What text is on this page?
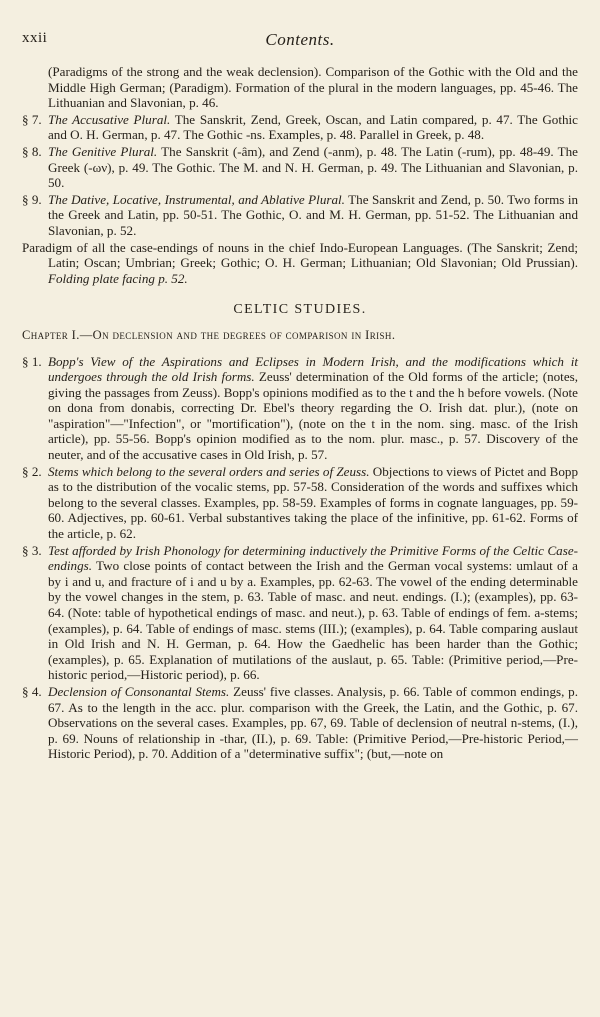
xxii	Contents.
(Paradigms of the strong and the weak declension). Comparison of the Gothic with the Old and the Middle High German; (Paradigm). Formation of the plural in the modern languages, pp. 45-46. The Lithuanian and Slavonian, p. 46.
§ 7. The Accusative Plural. The Sanskrit, Zend, Greek, Oscan, and Latin compared, p. 47. The Gothic and O. H. German, p. 47. The Gothic -ns. Examples, p. 48. Parallel in Greek, p. 48.
§ 8. The Genitive Plural. The Sanskrit (-âm), and Zend (-anm), p. 48. The Latin (-rum), pp. 48-49. The Greek (-ων), p. 49. The Gothic. The M. and N. H. German, p. 49. The Lithuanian and Slavonian, p. 50.
§ 9. The Dative, Locative, Instrumental, and Ablative Plural. The Sanskrit and Zend, p. 50. Two forms in the Greek and Latin, pp. 50-51. The Gothic, O. and M. H. German, pp. 51-52. The Lithuanian and Slavonian, p. 52.
Paradigm of all the case-endings of nouns in the chief Indo-European Languages. (The Sanskrit; Zend; Latin; Oscan; Umbrian; Greek; Gothic; O. H. German; Lithuanian; Old Slavonian; Old Prussian). Folding plate facing p. 52.
CELTIC STUDIES.
Chapter I.—On declension and the degrees of comparison in Irish.
§ 1. Bopp's View of the Aspirations and Eclipses in Modern Irish, and the modifications which it undergoes through the old Irish forms. Zeuss' determination of the Old forms of the article; (notes, giving the passages from Zeuss). Bopp's opinions modified as to the t and the h before vowels. (Note on dona from donabis, correcting Dr. Ebel's theory regarding the O. Irish dat. plur.), (note on "aspiration"—"Infection", or "mortification"), (note on the t in the nom. sing. masc. of the Irish article), pp. 55-56. Bopp's opinion modified as to the nom. plur. masc., p. 57. Discovery of the neuter, and of the accusative cases in Old Irish, p. 57.
§ 2. Stems which belong to the several orders and series of Zeuss. Objections to views of Pictet and Bopp as to the distribution of the vocalic stems, pp. 57-58. Consideration of the words and suffixes which belong to the several classes. Examples, pp. 58-59. Examples of forms in cognate languages, pp. 59-60. Adjectives, pp. 60-61. Verbal substantives taking the place of the infinitive, pp. 61-62. Forms of the article, p. 62.
§ 3. Test afforded by Irish Phonology for determining inductively the Primitive Forms of the Celtic Case-endings. Two close points of contact between the Irish and the German vocal systems: umlaut of a by i and u, and fracture of i and u by a. Examples, pp. 62-63. The vowel of the ending determinable by the vowel changes in the stem, p. 63. Table of masc. and neut. endings. (I.); (examples), pp. 63-64. (Note: table of hypothetical endings of masc. and neut.), p. 63. Table of endings of fem. a-stems; (examples), p. 64. Table of endings of masc. stems (III.); (examples), p. 64. Table comparing auslaut in Old Irish and N. H. German, p. 64. How the Gaedhelic has been harder than the Gothic; (examples), p. 65. Explanation of mutilations of the auslaut, p. 65. Table: (Primitive period,—Pre-historic period,—Historic period), p. 66.
§ 4. Declension of Consonantal Stems. Zeuss' five classes. Analysis, p. 66. Table of common endings, p. 67. As to the length in the acc. plur. comparison with the Greek, the Latin, and the Gothic, p. 67. Observations on the several cases. Examples, pp. 67, 69. Table of declension of neutral n-stems, (I.), p. 69. Nouns of relationship in -thar, (II.), p. 69. Table: (Primitive Period,—Pre-historic Period,—Historic Period), p. 70. Addition of a "determinative suffix"; (but,—note on
